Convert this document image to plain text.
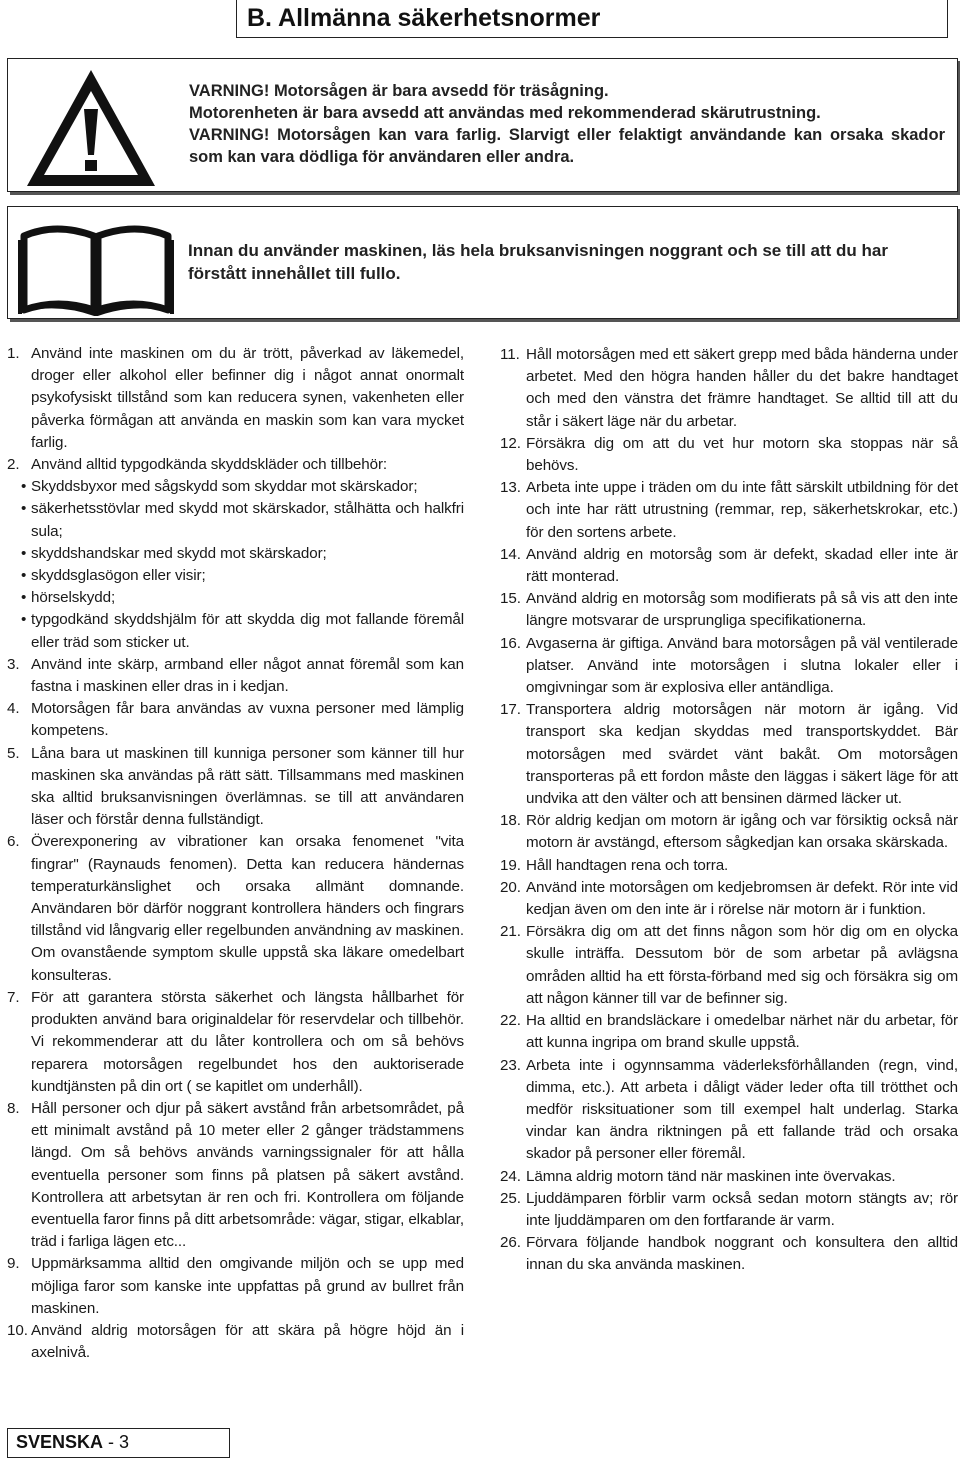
B. Allmänna säkerhetsnormer
VARNING! Motorsågen är bara avsedd för träsågning.
Motorenheten är bara avsedd att användas med rekommenderad skärutrustning.
VARNING! Motorsågen kan vara farlig. Slarvigt eller felaktigt användande kan orsaka skador som kan vara dödliga för användaren eller andra.
Innan du använder maskinen, läs hela bruksanvisningen noggrant och se till att du har förstått innehållet till fullo.
1. Använd inte maskinen om du är trött, påverkad av läkemedel, droger eller alkohol eller befinner dig i något annat onormalt psykofysiskt tillstånd som kan reducera synen, vakenheten eller påverka förmågan att använda en maskin som kan vara mycket farlig.
2. Använd alltid typgodkända skyddskläder och tillbehör:
• Skyddsbyxor med sågskydd som skyddar mot skärskador;
• säkerhetsstövlar med skydd mot skärskador, stålhätta och halkfri sula;
• skyddshandskar med skydd mot skärskador;
• skyddsglasögon eller visir;
• hörselskydd;
• typgodkänd skyddshjälm för att skydda dig mot fallande föremål eller träd som sticker ut.
3. Använd inte skärp, armband eller något annat föremål som kan fastna i maskinen eller dras in i kedjan.
4. Motorsågen får bara användas av vuxna personer med lämplig kompetens.
5. Låna bara ut maskinen till kunniga personer som känner till hur maskinen ska användas på rätt sätt. Tillsammans med maskinen ska alltid bruksanvisningen överlämnas. se till att användaren läser och förstår denna fullständigt.
6. Överexponering av vibrationer kan orsaka fenomenet "vita fingrar" (Raynauds fenomen). Detta kan reducera händernas temperaturkänslighet och orsaka allmänt domnande. Användaren bör därför noggrant kontrollera händers och fingrars tillstånd vid långvarig eller regelbunden användning av maskinen. Om ovanstående symptom skulle uppstå ska läkare omedelbart konsulteras.
7. För att garantera största säkerhet och längsta hållbarhet för produkten använd bara originaldelar för reservdelar och tillbehör. Vi rekommenderar att du låter kontrollera och om så behövs reparera motorsågen regelbundet hos den auktoriserade kundtjänsten på din ort ( se kapitlet om underhåll).
8. Håll personer och djur på säkert avstånd från arbetsområdet, på ett minimalt avstånd på 10 meter eller 2 gånger trädstammens längd. Om så behövs används varningssignaler för att hålla eventuella personer som finns på platsen på säkert avstånd. Kontrollera att arbetsytan är ren och fri. Kontrollera om följande eventuella faror finns på ditt arbetsområde: vägar, stigar, elkablar, träd i farliga lägen etc...
9. Uppmärksamma alltid den omgivande miljön och se upp med möjliga faror som kanske inte uppfattas på grund av bullret från maskinen.
10. Använd aldrig motorsågen för att skära på högre höjd än i axelnivå.
11. Håll motorsågen med ett säkert grepp med båda händerna under arbetet. Med den högra handen håller du det bakre handtaget och med den vänstra det främre handtaget. Se alltid till att du står i säkert läge när du arbetar.
12. Försäkra dig om att du vet hur motorn ska stoppas när så behövs.
13. Arbeta inte uppe i träden om du inte fått särskilt utbildning för det och inte har rätt utrustning (remmar, rep, säkerhetskrokar, etc.) för den sortens arbete.
14. Använd aldrig en motorsåg som är defekt, skadad eller inte är rätt monterad.
15. Använd aldrig en motorsåg som modifierats på så vis att den inte längre motsvarar de ursprungliga specifikationerna.
16. Avgaserna är giftiga. Använd bara motorsågen på väl ventilerade platser. Använd inte motorsågen i slutna lokaler eller i omgivningar som är explosiva eller antändliga.
17. Transportera aldrig motorsågen när motorn är igång. Vid transport ska kedjan skyddas med transportskyddet. Bär motorsågen med svärdet vänt bakåt. Om motorsågen transporteras på ett fordon måste den läggas i säkert läge för att undvika att den välter och att bensinen därmed läcker ut.
18. Rör aldrig kedjan om motorn är igång och var försiktig också när motorn är avstängd, eftersom sågkedjan kan orsaka skärskada.
19. Håll handtagen rena och torra.
20. Använd inte motorsågen om kedjebromsen är defekt. Rör inte vid kedjan även om den inte är i rörelse när motorn är i funktion.
21. Försäkra dig om att det finns någon som hör dig om en olycka skulle inträffa. Dessutom bör de som arbetar på avlägsna områden alltid ha ett första-förband med sig och försäkra sig om att någon känner till var de befinner sig.
22. Ha alltid en brandsläckare i omedelbar närhet när du arbetar, för att kunna ingripa om brand skulle uppstå.
23. Arbeta inte i ogynnsamma väderleksförhållanden (regn, vind, dimma, etc.). Att arbeta i dåligt väder leder ofta till trötthet och medför risksituationer som till exempel halt underlag. Starka vindar kan ändra riktningen på ett fallande träd och orsaka skador på personer eller föremål.
24. Lämna aldrig motorn tänd när maskinen inte övervakas.
25. Ljuddämparen förblir varm också sedan motorn stängts av; rör inte ljuddämparen om den fortfarande är varm.
26. Förvara följande handbok noggrant och konsultera den alltid innan du ska använda maskinen.
SVENSKA - 3
